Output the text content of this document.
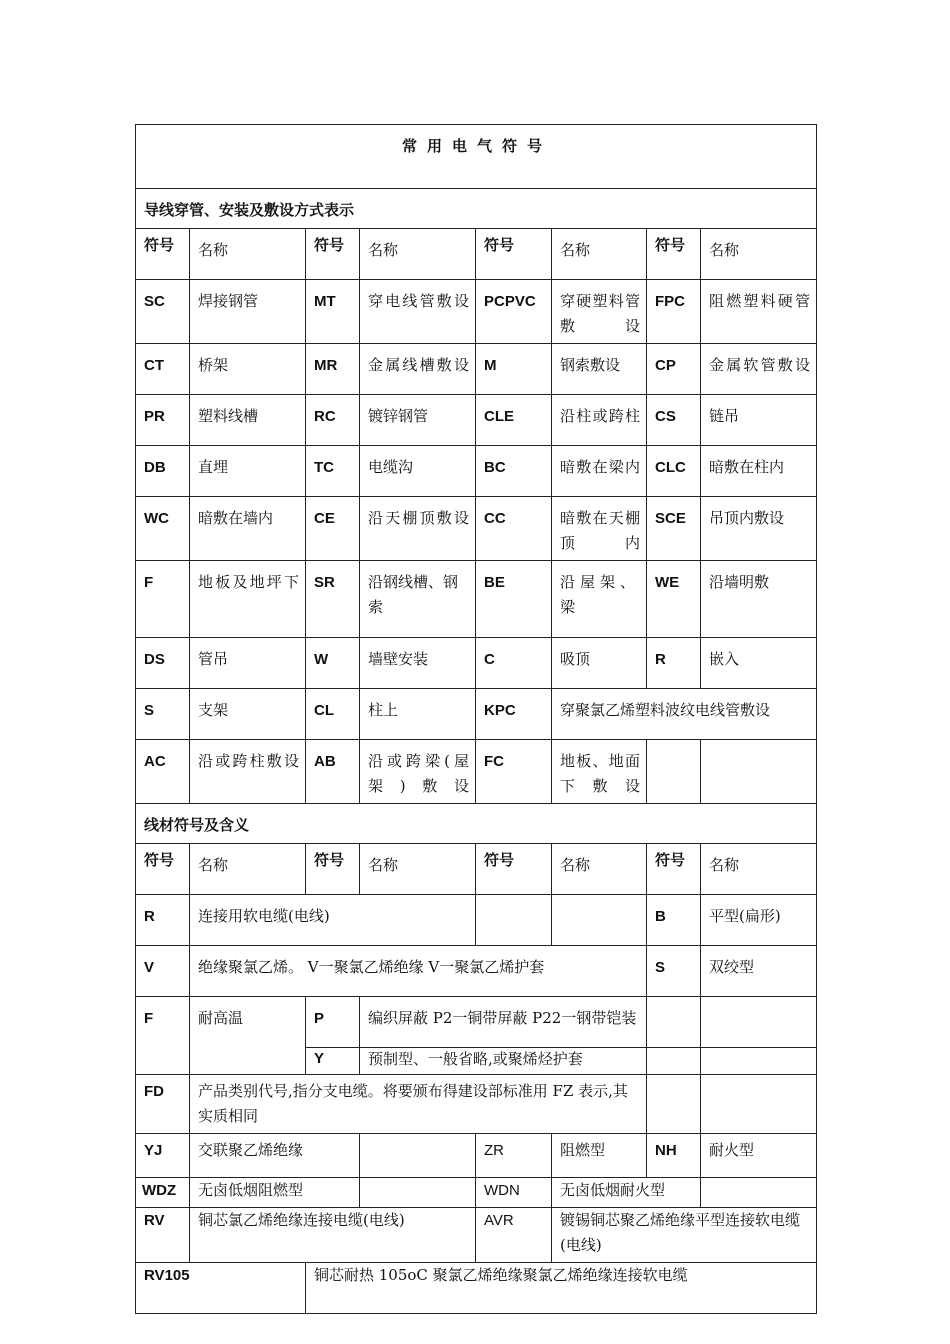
常用电气符号							
导线穿管、安装及敷设方式表示							
符号	名称	符号	名称	符号	名称	符号	名称
SC	焊接钢管	MT	穿电线管敷设	PCPVC	穿硬塑料管敷设	FPC	阻燃塑料硬管
CT	桥架	MR	金属线槽敷设	M	钢索敷设	CP	金属软管敷设
PR	塑料线槽	RC	镀锌钢管	CLE	沿柱或跨柱	CS	链吊
DB	直埋	TC	电缆沟	BC	暗敷在梁内	CLC	暗敷在柱内
WC	暗敷在墙内	CE	沿天棚顶敷设	CC	暗敷在天棚顶内	SCE	吊顶内敷设
F	地板及地坪下	SR	沿钢线槽、钢索	BE	沿屋架、梁	WE	沿墙明敷
DS	管吊	W	墙壁安装	C	吸顶	R	嵌入
S	支架	CL	柱上	KPC	穿聚氯乙烯塑料波纹电线管敷设		
AC	沿或跨柱敷设	AB	沿或跨梁(屋架)敷设	FC	地板、地面下敷设		
线材符号及含义							
符号	名称	符号	名称	符号	名称	符号	名称
R	连接用软电缆(电线)					B	平型(扁形)
V	绝缘聚氯乙烯。 V一聚氯乙烯绝缘 V一聚氯乙烯护套					S	双绞型
F	耐高温	P	编织屏蔽 P2一铜带屏蔽 P22一钢带铠装				
		Y	预制型、一般省略,或聚烯烃护套				
FD	产品类别代号,指分支电缆。将要颁布得建设部标准用 FZ 表示,其实质相同						
YJ	交联聚乙烯绝缘			ZR	阻燃型	NH	耐火型
WDZ	无卤低烟阻燃型			WDN	无卤低烟耐火型		
RV	铜芯氯乙烯绝缘连接电缆(电线)			AVR	镀锡铜芯聚乙烯绝缘平型连接软电缆(电线)		
RV105		铜芯耐热 105oC 聚氯乙烯绝缘聚氯乙烯绝缘连接软电缆					
